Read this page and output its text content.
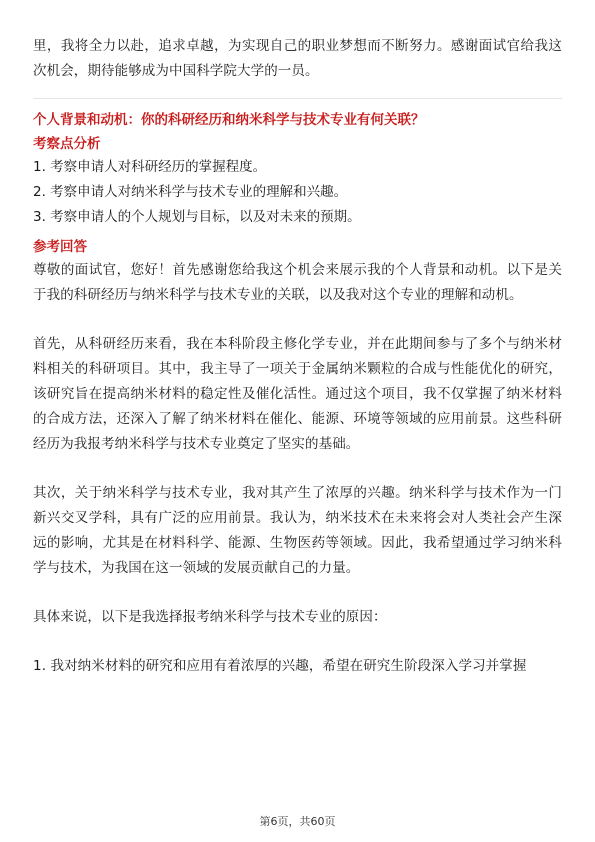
里，我将全力以赴，追求卓越，为实现自己的职业梦想而不断努力。感谢面试官给我这次机会，期待能够成为中国科学院大学的一员。

个人背景和动机：你的科研经历和纳米科学与技术专业有何关联？
考察点分析
1. 考察申请人对科研经历的掌握程度。
2. 考察申请人对纳米科学与技术专业的理解和兴趣。
3. 考察申请人的个人规划与目标，以及对未来的预期。
参考回答

尊敬的面试官，您好！首先感谢您给我这个机会来展示我的个人背景和动机。以下是关于我的科研经历与纳米科学与技术专业的关联，以及我对这个专业的理解和动机。

首先，从科研经历来看，我在本科阶段主修化学专业，并在此期间参与了多个与纳米材料相关的科研项目。其中，我主导了一项关于金属纳米颗粒的合成与性能优化的研究，该研究旨在提高纳米材料的稳定性及催化活性。通过这个项目，我不仅掌握了纳米材料的合成方法，还深入了解了纳米材料在催化、能源、环境等领域的应用前景。这些科研经历为我报考纳米科学与技术专业奠定了坚实的基础。

其次，关于纳米科学与技术专业，我对其产生了浓厚的兴趣。纳米科学与技术作为一门新兴交叉学科，具有广泛的应用前景。我认为，纳米技术在未来将会对人类社会产生深远的影响，尤其是在材料科学、能源、生物医药等领域。因此，我希望通过学习纳米科学与技术，为我国在这一领域的发展贡献自己的力量。

具体来说，以下是我选择报考纳米科学与技术专业的原因：

1. 我对纳米材料的研究和应用有着浓厚的兴趣，希望在研究生阶段深入学习并掌握

第6页，共60页
